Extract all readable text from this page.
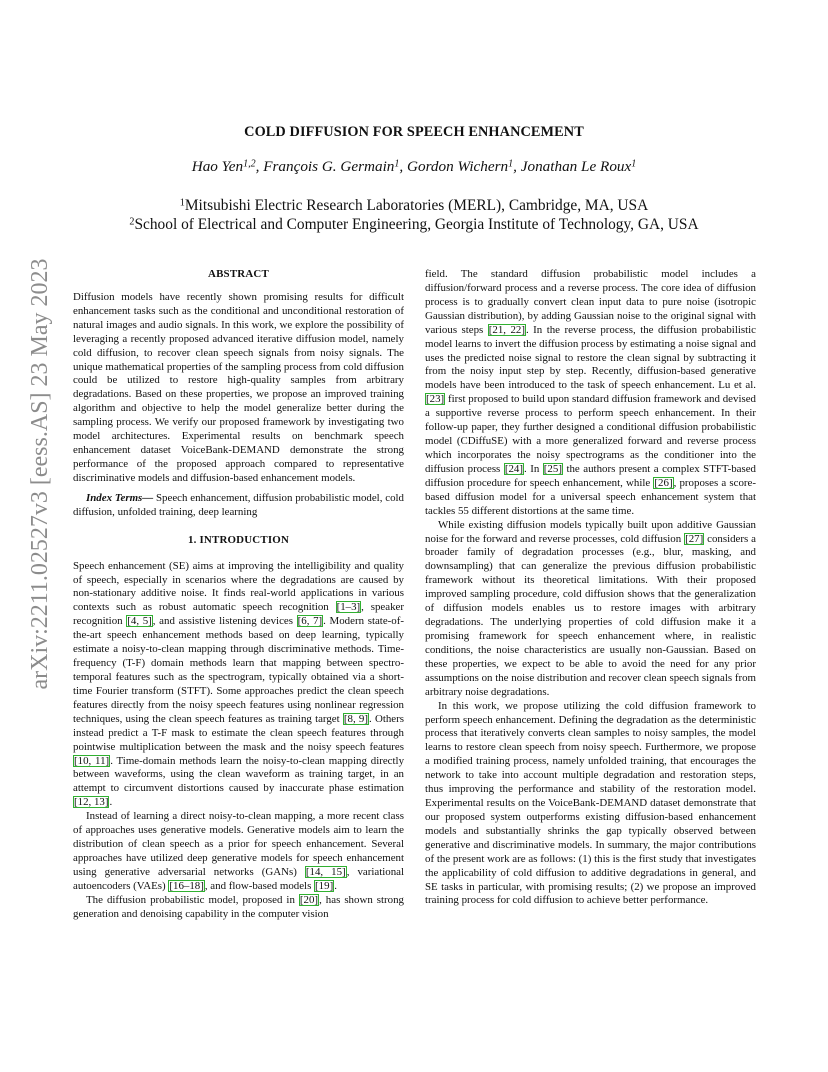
arXiv:2211.02527v3 [eess.AS] 23 May 2023
COLD DIFFUSION FOR SPEECH ENHANCEMENT
Hao Yen$^{1,2}$, François G. Germain$^1$, Gordon Wichern$^1$, Jonathan Le Roux$^1$
$^1$Mitsubishi Electric Research Laboratories (MERL), Cambridge, MA, USA
$^2$School of Electrical and Computer Engineering, Georgia Institute of Technology, GA, USA
ABSTRACT

Diffusion models have recently shown promising results for difficult enhancement tasks such as the conditional and unconditional restoration of natural images and audio signals. In this work, we explore the possibility of leveraging a recently proposed advanced iterative diffusion model, namely cold diffusion, to recover clean speech signals from noisy signals. The unique mathematical properties of the sampling process from cold diffusion could be utilized to restore high-quality samples from arbitrary degradations. Based on these properties, we propose an improved training algorithm and objective to help the model generalize better during the sampling process. We verify our proposed framework by investigating two model architectures. Experimental results on benchmark speech enhancement dataset VoiceBank-DEMAND demonstrate the strong performance of the proposed approach compared to representative discriminative models and diffusion-based enhancement models.

Index Terms— Speech enhancement, diffusion probabilistic model, cold diffusion, unfolded training, deep learning

1. INTRODUCTION

Speech enhancement (SE) aims at improving the intelligibility and quality of speech, especially in scenarios where the degradations are caused by non-stationary additive noise. It finds real-world applications in various contexts such as robust automatic speech recognition [1–3], speaker recognition [4, 5], and assistive listening devices [6, 7]. Modern state-of-the-art speech enhancement methods based on deep learning, typically estimate a noisy-to-clean mapping through discriminative methods. Time-frequency (T-F) domain methods learn that mapping between spectro-temporal features such as the spectrogram, typically obtained via a short-time Fourier transform (STFT). Some approaches predict the clean speech features directly from the noisy speech features using nonlinear regression techniques, using the clean speech features as training target [8, 9]. Others instead predict a T-F mask to estimate the clean speech features through pointwise multiplication between the mask and the noisy speech features [10, 11]. Time-domain methods learn the noisy-to-clean mapping directly between waveforms, using the clean waveform as training target, in an attempt to circumvent distortions caused by inaccurate phase estimation [12, 13].

Instead of learning a direct noisy-to-clean mapping, a more recent class of approaches uses generative models. Generative models aim to learn the distribution of clean speech as a prior for speech enhancement. Several approaches have utilized deep generative models for speech enhancement using generative adversarial networks (GANs) [14, 15], variational autoencoders (VAEs) [16–18], and flow-based models [19].

The diffusion probabilistic model, proposed in [20], has shown strong generation and denoising capability in the computer vision

field. The standard diffusion probabilistic model includes a diffusion/forward process and a reverse process. The core idea of diffusion process is to gradually convert clean input data to pure noise (isotropic Gaussian distribution), by adding Gaussian noise to the original signal with various steps [21, 22]. In the reverse process, the diffusion probabilistic model learns to invert the diffusion process by estimating a noise signal and uses the predicted noise signal to restore the clean signal by subtracting it from the noisy input step by step. Recently, diffusion-based generative models have been introduced to the task of speech enhancement. Lu et al. [23] first proposed to build upon standard diffusion framework and devised a supportive reverse process to perform speech enhancement. In their follow-up paper, they further designed a conditional diffusion probabilistic model (CDiffuSE) with a more generalized forward and reverse process which incorporates the noisy spectrograms as the conditioner into the diffusion process [24]. In [25] the authors present a complex STFT-based diffusion procedure for speech enhancement, while [26], proposes a score-based diffusion model for a universal speech enhancement system that tackles 55 different distortions at the same time.

While existing diffusion models typically built upon additive Gaussian noise for the forward and reverse processes, cold diffusion [27] considers a broader family of degradation processes (e.g., blur, masking, and downsampling) that can generalize the previous diffusion probabilistic framework without its theoretical limitations. With their proposed improved sampling procedure, cold diffusion shows that the generalization of diffusion models enables us to restore images with arbitrary degradations. The underlying properties of cold diffusion make it a promising framework for speech enhancement where, in realistic conditions, the noise characteristics are usually non-Gaussian. Based on these properties, we expect to be able to avoid the need for any prior assumptions on the noise distribution and recover clean speech signals from arbitrary noise degradations.

In this work, we propose utilizing the cold diffusion framework to perform speech enhancement. Defining the degradation as the deterministic process that iteratively converts clean samples to noisy samples, the model learns to restore clean speech from noisy speech. Furthermore, we propose a modified training process, namely unfolded training, that encourages the network to take into account multiple degradation and restoration steps, thus improving the performance and stability of the restoration model. Experimental results on the VoiceBank-DEMAND dataset demonstrate that our proposed system outperforms existing diffusion-based enhancement models and substantially shrinks the gap typically observed between generative and discriminative models. In summary, the major contributions of the present work are as follows: (1) this is the first study that investigates the applicability of cold diffusion to additive degradations in general, and SE tasks in particular, with promising results; (2) we propose an improved training process for cold diffusion to achieve better performance.
